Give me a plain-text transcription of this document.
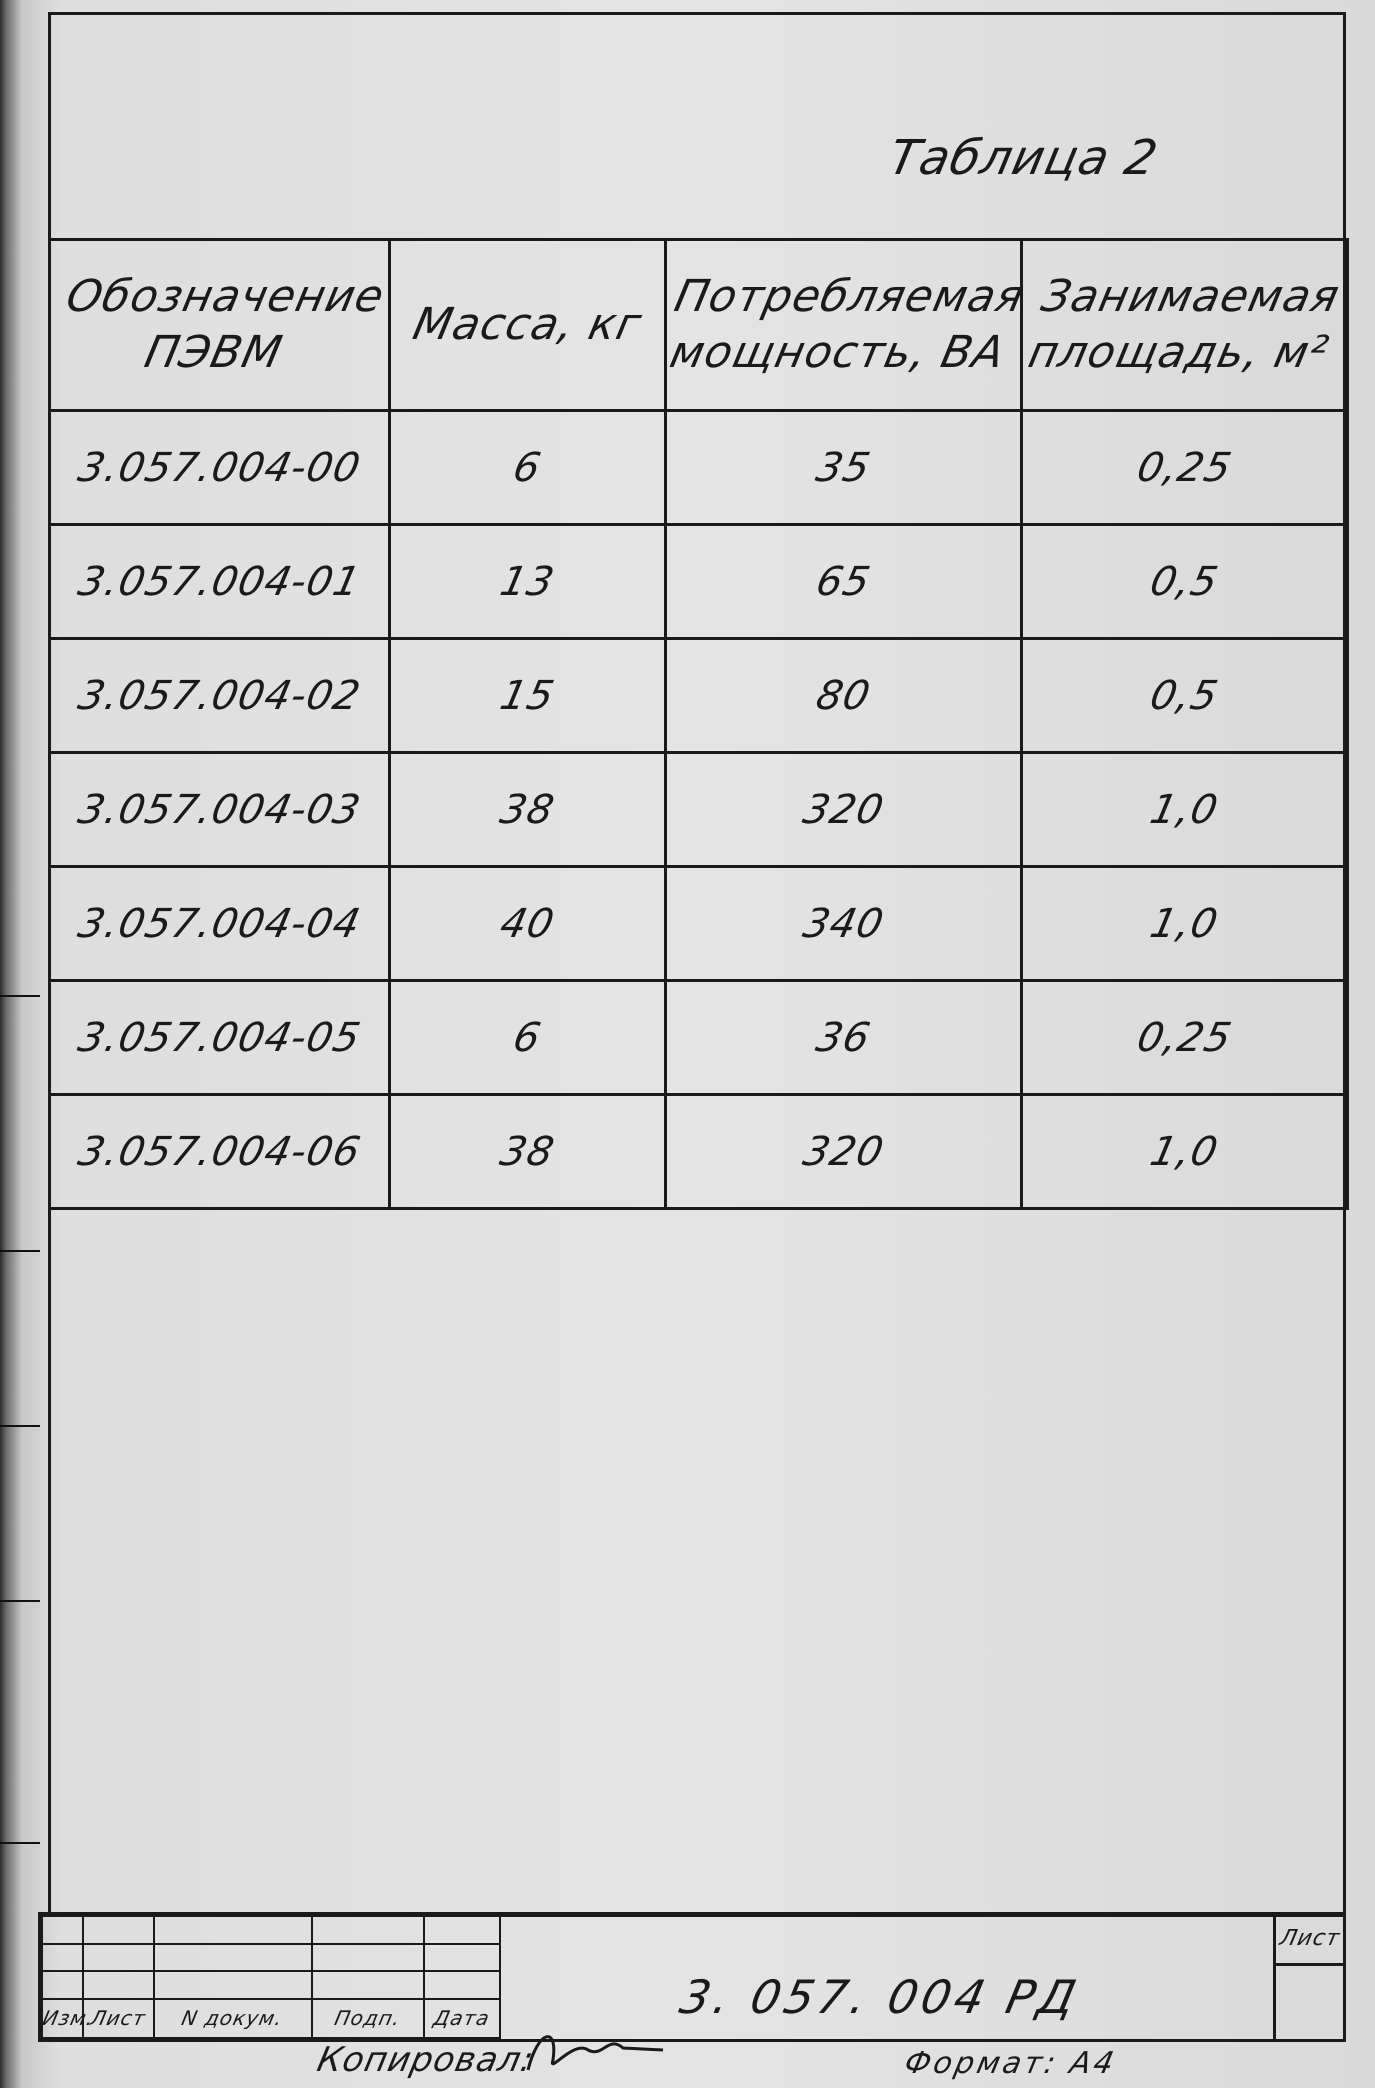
Таблица 2
Обозначение ПЭВМ	Масса, кг	Потребляемая мощность, ВА	Занимаемая площадь, м²
3.057.004-00	6	35	0,25
3.057.004-01	13	65	0,5
3.057.004-02	15	80	0,5
3.057.004-03	38	320	1,0
3.057.004-04	40	340	1,0
3.057.004-05	6	36	0,25
3.057.004-06	38	320	1,0

Изм.	Лист	N докум.	Подп.	Дата	3. 057. 004 РД
Лист
Копировал:	Формат: А4
